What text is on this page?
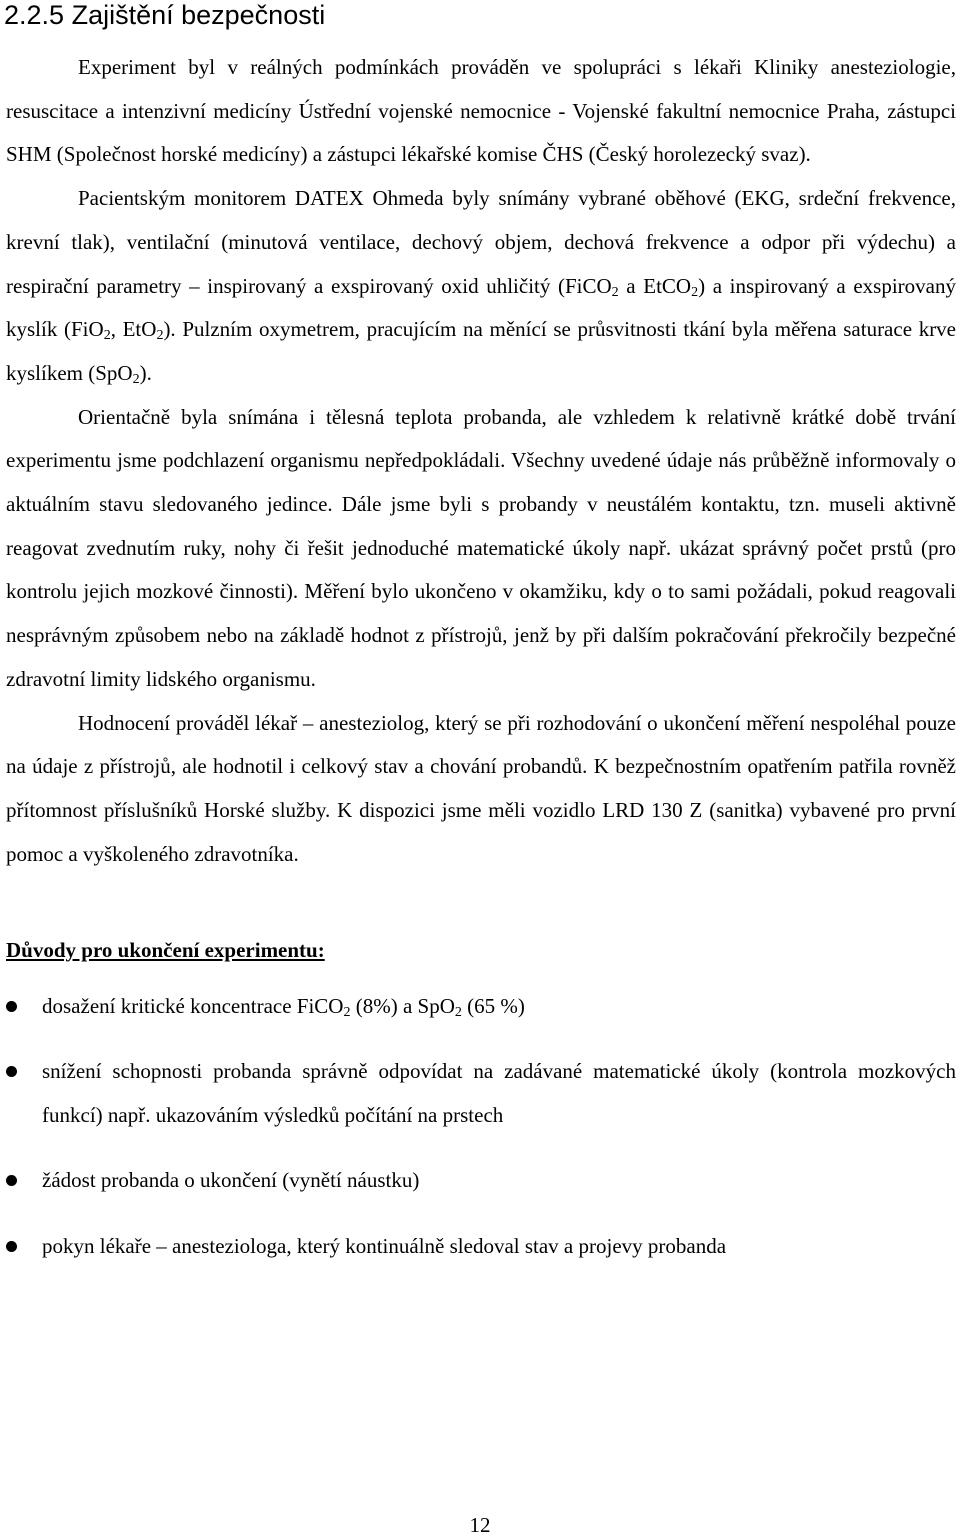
2.2.5 Zajištění bezpečnosti

Experiment byl v reálných podmínkách prováděn ve spolupráci s lékaři Kliniky anesteziologie, resuscitace a intenzivní medicíny Ústřední vojenské nemocnice - Vojenské fakultní nemocnice Praha, zástupci SHM (Společnost horské medicíny) a zástupci lékařské komise ČHS (Český horolezecký svaz).

Pacientským monitorem DATEX Ohmeda byly snímány vybrané oběhové (EKG, srdeční frekvence, krevní tlak), ventilační (minutová ventilace, dechový objem, dechová frekvence a odpor při výdechu) a respirační parametry – inspirovaný a exspirovaný oxid uhličitý (FiCO$_2$ a EtCO$_2$) a inspirovaný a exspirovaný kyslík (FiO$_2$, EtO$_2$). Pulzním oxymetrem, pracujícím na měnící se průsvitnosti tkání byla měřena saturace krve kyslíkem (SpO$_2$).

Orientačně byla snímána i tělesná teplota probanda, ale vzhledem k relativně krátké době trvání experimentu jsme podchlazení organismu nepředpokládali. Všechny uvedené údaje nás průběžně informovaly o aktuálním stavu sledovaného jedince. Dále jsme byli s probandy v neustálém kontaktu, tzn. museli aktivně reagovat zvednutím ruky, nohy či řešit jednoduché matematické úkoly např. ukázat správný počet prstů (pro kontrolu jejich mozkové činnosti). Měření bylo ukončeno v okamžiku, kdy o to sami požádali, pokud reagovali nesprávným způsobem nebo na základě hodnot z přístrojů, jenž by při dalším pokračování překročily bezpečné zdravotní limity lidského organismu.

Hodnocení prováděl lékař – anesteziolog, který se při rozhodování o ukončení měření nespoléhal pouze na údaje z přístrojů, ale hodnotil i celkový stav a chování probandů. K bezpečnostním opatřením patřila rovněž přítomnost příslušníků Horské služby. K dispozici jsme měli vozidlo LRD 130 Z (sanitka) vybavené pro první pomoc a vyškoleného zdravotníka.

Důvody pro ukončení experimentu:

dosažení kritické koncentrace FiCO$_2$ (8%) a SpO$_2$ (65 %)
snížení schopnosti probanda správně odpovídat na zadávané matematické úkoly (kontrola mozkových funkcí) např. ukazováním výsledků počítání na prstech
žádost probanda o ukončení (vynětí náustku)
pokyn lékaře – anesteziologa, který kontinuálně sledoval stav a projevy probanda
12
